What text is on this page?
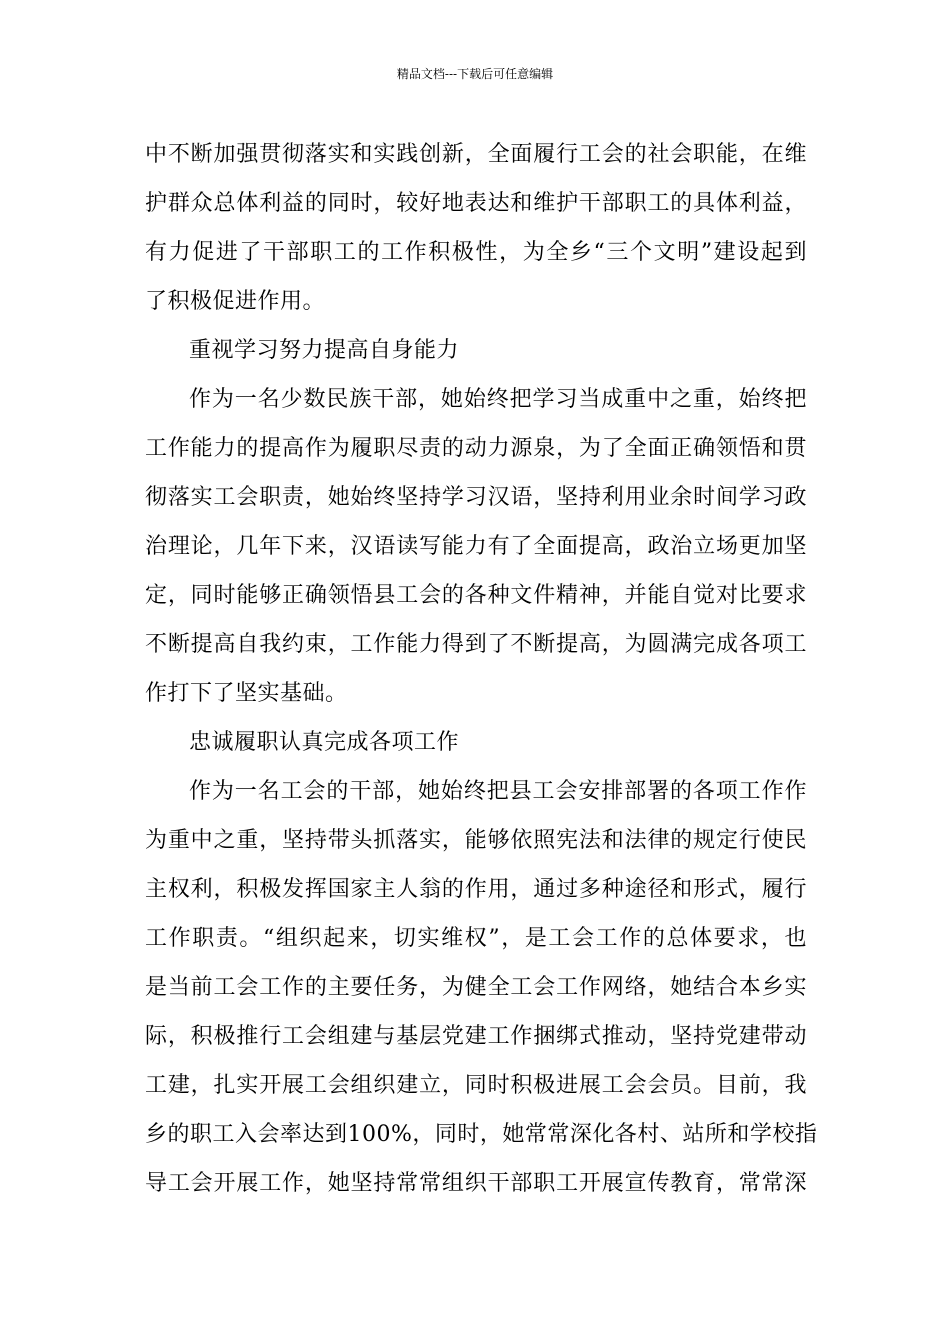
精品文档---下载后可任意编辑
中不断加强贯彻落实和实践创新，全面履行工会的社会职能，在维
护群众总体利益的同时，较好地表达和维护干部职工的具体利益，
有力促进了干部职工的工作积极性，为全乡“三个文明”建设起到
了积极促进作用。
重视学习努力提高自身能力
作为一名少数民族干部，她始终把学习当成重中之重，始终把
工作能力的提高作为履职尽责的动力源泉，为了全面正确领悟和贯
彻落实工会职责，她始终坚持学习汉语，坚持利用业余时间学习政
治理论，几年下来，汉语读写能力有了全面提高，政治立场更加坚
定，同时能够正确领悟县工会的各种文件精神，并能自觉对比要求
不断提高自我约束，工作能力得到了不断提高，为圆满完成各项工
作打下了坚实基础。
忠诚履职认真完成各项工作
作为一名工会的干部，她始终把县工会安排部署的各项工作作
为重中之重，坚持带头抓落实，能够依照宪法和法律的规定行使民
主权利，积极发挥国家主人翁的作用，通过多种途径和形式，履行
工作职责。“组织起来，切实维权”，是工会工作的总体要求，也
是当前工会工作的主要任务，为健全工会工作网络，她结合本乡实
际，积极推行工会组建与基层党建工作捆绑式推动，坚持党建带动
工建，扎实开展工会组织建立，同时积极进展工会会员。目前，我
乡的职工入会率达到100%，同时，她常常深化各村、站所和学校指
导工会开展工作，她坚持常常组织干部职工开展宣传教育，常常深
